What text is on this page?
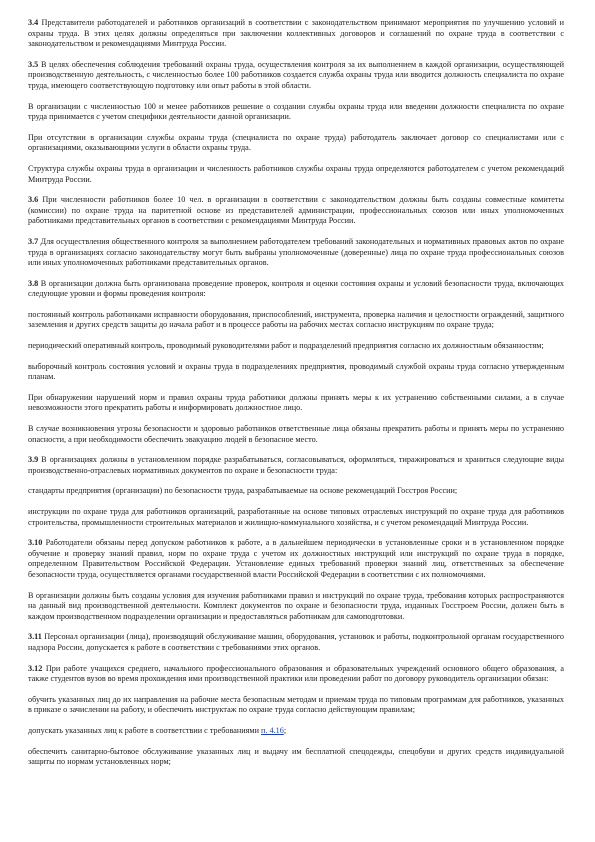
3.4 Представители работодателей и работников организаций в соответствии с законодательством принимают мероприятия по улучшению условий и охраны труда. В этих целях должны определяться при заключении коллективных договоров и соглашений по охране труда в соответствии с законодательством и рекомендациями Минтруда России.

3.5 В целях обеспечения соблюдения требований охраны труда, осуществления контроля за их выполнением в каждой организации, осуществляющей производственную деятельность, с численностью более 100 работников создается служба охраны труда или вводится должность специалиста по охране труда, имеющего соответствующую подготовку или опыт работы в этой области.

В организации с численностью 100 и менее работников решение о создании службы охраны труда или введении должности специалиста по охране труда принимается с учетом специфики деятельности данной организации.

При отсутствии в организации службы охраны труда (специалиста по охране труда) работодатель заключает договор со специалистами или с организациями, оказывающими услуги в области охраны труда.

Структура службы охраны труда в организации и численность работников службы охраны труда определяются работодателем с учетом рекомендаций Минтруда России.

3.6 При численности работников более 10 чел. в организации в соответствии с законодательством должны быть созданы совместные комитеты (комиссии) по охране труда на паритетной основе из представителей администрации, профессиональных союзов или иных уполномоченных работниками представительных органов в соответствии с рекомендациями Минтруда России.

3.7 Для осуществления общественного контроля за выполнением работодателем требований законодательных и нормативных правовых актов по охране труда в организациях согласно законодательству могут быть выбраны уполномоченные (доверенные) лица по охране труда профессиональных союзов или иных уполномоченных работниками представительных органов.

3.8 В организации должна быть организована проведение проверок, контроля и оценки состояния охраны и условий безопасности труда, включающих следующие уровни и формы проведения контроля:

постоянный контроль работниками исправности оборудования, приспособлений, инструмента, проверка наличия и целостности ограждений, защитного заземления и других средств защиты до начала работ и в процессе работы на рабочих местах согласно инструкциям по охране труда;

периодический оперативный контроль, проводимый руководителями работ и подразделений предприятия согласно их должностным обязанностям;

выборочный контроль состояния условий и охраны труда в подразделениях предприятия, проводимый службой охраны труда согласно утвержденным планам.

При обнаружении нарушений норм и правил охраны труда работники должны принять меры к их устранению собственными силами, а в случае невозможности этого прекратить работы и информировать должностное лицо.

В случае возникновения угрозы безопасности и здоровью работников ответственные лица обязаны прекратить работы и принять меры по устранению опасности, а при необходимости обеспечить эвакуацию людей в безопасное место.

3.9 В организациях должны в установленном порядке разрабатываться, согласовываться, оформляться, тиражироваться и храниться следующие виды производственно-отраслевых нормативных документов по охране и безопасности труда:

стандарты предприятия (организации) по безопасности труда, разрабатываемые на основе рекомендаций Госстроя России;

инструкции по охране труда для работников организаций, разработанные на основе типовых отраслевых инструкций по охране труда для работников строительства, промышленности строительных материалов и жилищно-коммунального хозяйства, и с учетом рекомендаций Минтруда России.

3.10 Работодатели обязаны перед допуском работников к работе, а в дальнейшем периодически в установленные сроки и в установленном порядке обучение и проверку знаний правил, норм по охране труда с учетом их должностных инструкций или инструкций по охране труда в порядке, определенном Правительством Российской Федерации. Установление единых требований проверки знаний лиц, ответственных за обеспечение безопасности труда, осуществляется органами государственной власти Российской Федерации в соответствии с их полномочиями.

В организации должны быть созданы условия для изучения работниками правил и инструкций по охране труда, требования которых распространяются на данный вид производственной деятельности. Комплект документов по охране и безопасности труда, изданных Госстроем России, должен быть в каждом производственном подразделении организации и предоставляться работникам для самоподготовки.

3.11 Персонал организации (лица), производящий обслуживание машин, оборудования, установок и работы, подконтрольной органам государственного надзора России, допускается к работе в соответствии с требованиями этих органов.

3.12 При работе учащихся среднего, начального профессионального образования и образовательных учреждений основного общего образования, а также студентов вузов во время прохождения ими производственной практики или проведении работ по договору руководитель организации обязан:

обучить указанных лиц до их направления на рабочие места безопасным методам и приемам труда по типовым программам для работников, указанных в приказе о зачислении на работу, и обеспечить инструктаж по охране труда согласно действующим правилам;

допускать указанных лиц к работе в соответствии с требованиями п. 4.16;

обеспечить санитарно-бытовое обслуживание указанных лиц и выдачу им бесплатной спецодежды, спецобуви и других средств индивидуальной защиты по нормам установленных норм;
